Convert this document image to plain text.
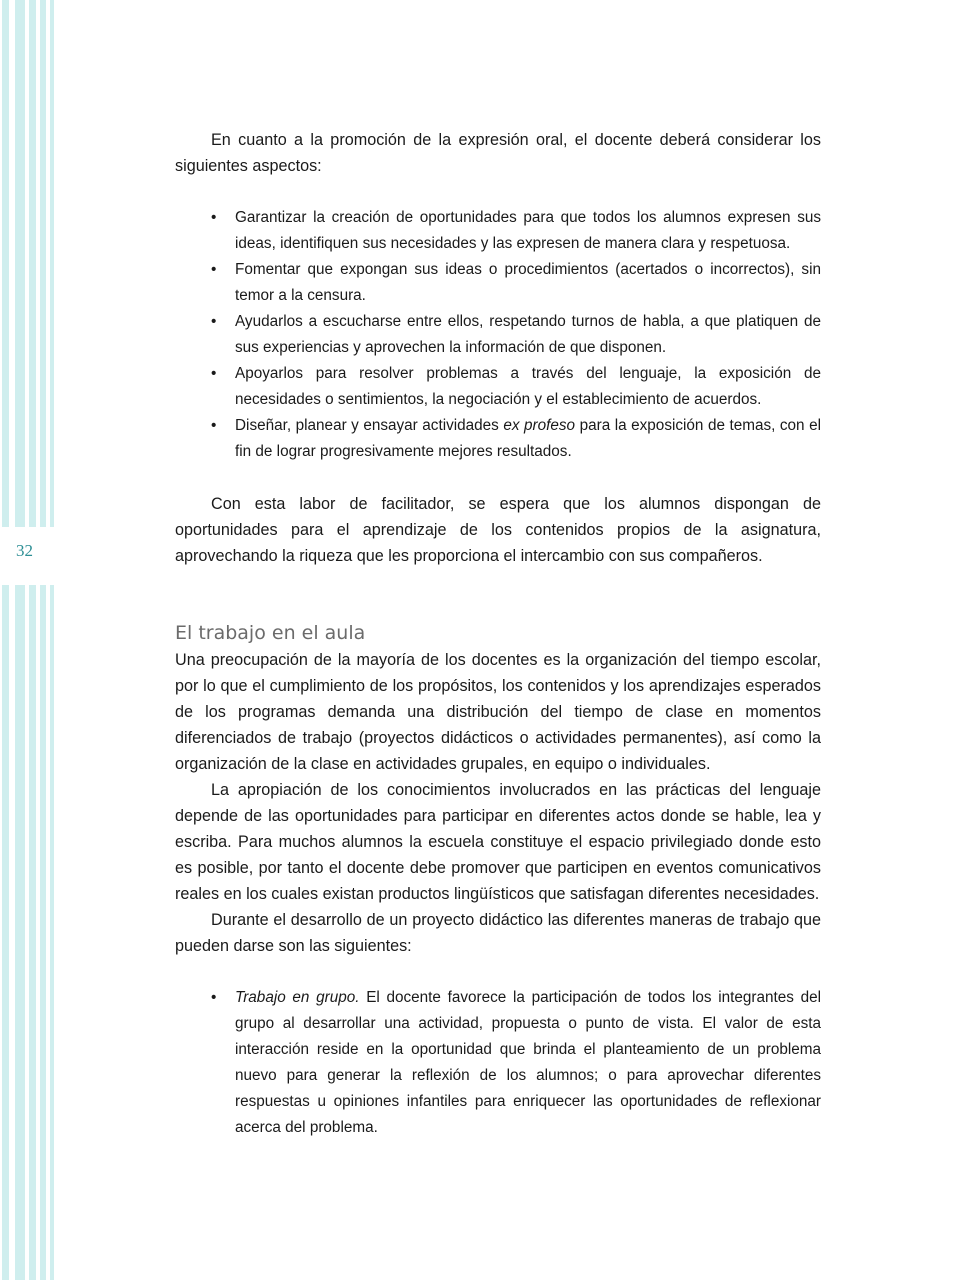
32

En cuanto a la promoción de la expresión oral, el docente deberá considerar los siguientes aspectos:

• Garantizar la creación de oportunidades para que todos los alumnos expresen sus ideas, identifiquen sus necesidades y las expresen de manera clara y respetuosa.
• Fomentar que expongan sus ideas o procedimientos (acertados o incorrectos), sin temor a la censura.
• Ayudarlos a escucharse entre ellos, respetando turnos de habla, a que platiquen de sus experiencias y aprovechen la información de que disponen.
• Apoyarlos para resolver problemas a través del lenguaje, la exposición de necesidades o sentimientos, la negociación y el establecimiento de acuerdos.
• Diseñar, planear y ensayar actividades ex profeso para la exposición de temas, con el fin de lograr progresivamente mejores resultados.

Con esta labor de facilitador, se espera que los alumnos dispongan de oportunidades para el aprendizaje de los contenidos propios de la asignatura, aprovechando la riqueza que les proporciona el intercambio con sus compañeros.

El trabajo en el aula

Una preocupación de la mayoría de los docentes es la organización del tiempo escolar, por lo que el cumplimiento de los propósitos, los contenidos y los aprendizajes esperados de los programas demanda una distribución del tiempo de clase en momentos diferenciados de trabajo (proyectos didácticos o actividades permanentes), así como la organización de la clase en actividades grupales, en equipo o individuales.

La apropiación de los conocimientos involucrados en las prácticas del lenguaje depende de las oportunidades para participar en diferentes actos donde se hable, lea y escriba. Para muchos alumnos la escuela constituye el espacio privilegiado donde esto es posible, por tanto el docente debe promover que participen en eventos comunicativos reales en los cuales existan productos lingüísticos que satisfagan diferentes necesidades.

Durante el desarrollo de un proyecto didáctico las diferentes maneras de trabajo que pueden darse son las siguientes:

• Trabajo en grupo. El docente favorece la participación de todos los integrantes del grupo al desarrollar una actividad, propuesta o punto de vista. El valor de esta interacción reside en la oportunidad que brinda el planteamiento de un problema nuevo para generar la reflexión de los alumnos; o para aprovechar diferentes respuestas u opiniones infantiles para enriquecer las oportunidades de reflexionar acerca del problema.
